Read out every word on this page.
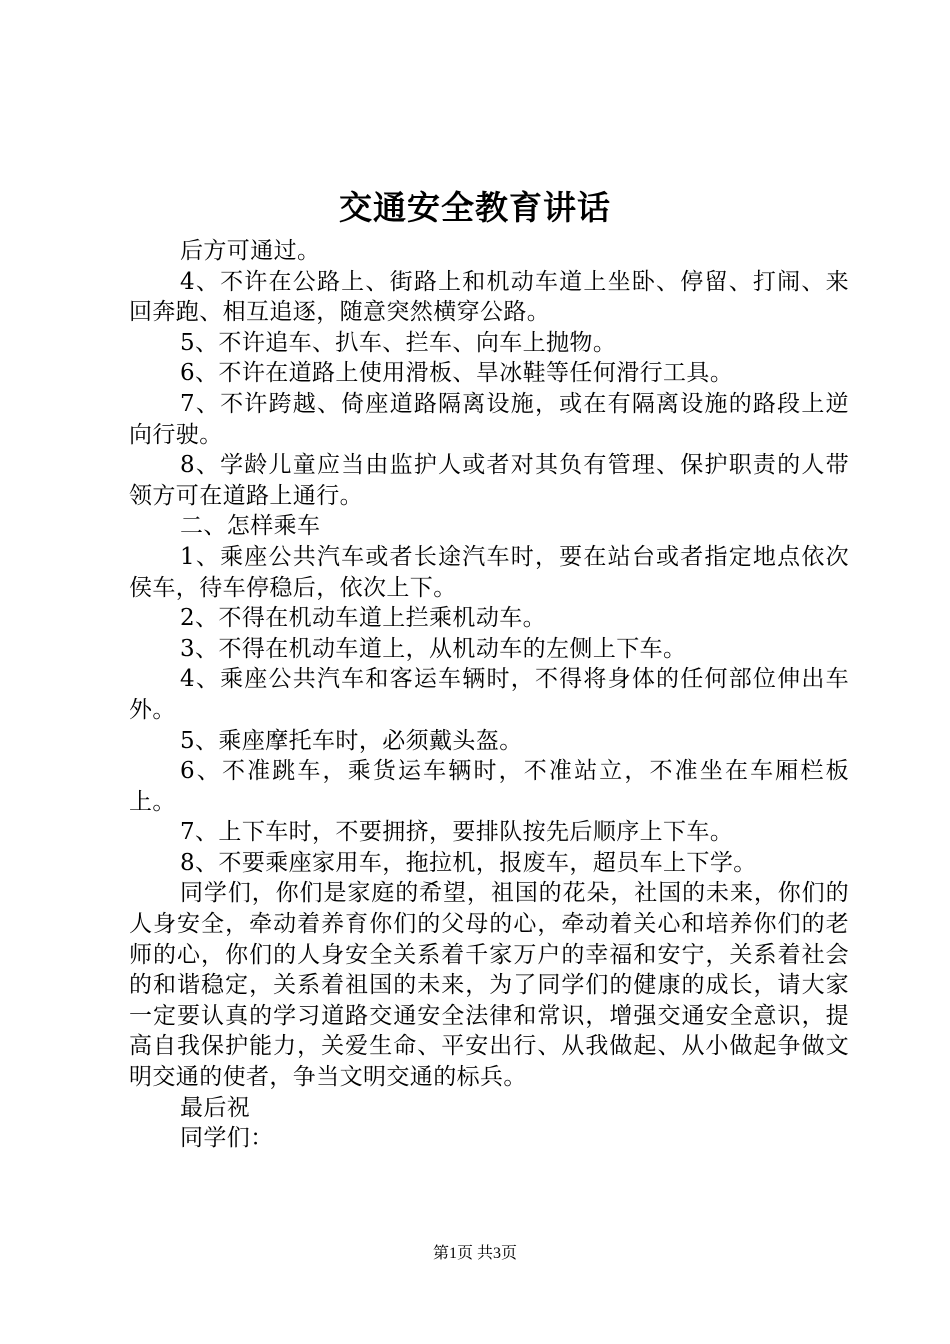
交通安全教育讲话

后方可通过。

4、不许在公路上、街路上和机动车道上坐卧、停留、打闹、来回奔跑、相互追逐，随意突然横穿公路。

5、不许追车、扒车、拦车、向车上抛物。

6、不许在道路上使用滑板、旱冰鞋等任何滑行工具。

7、不许跨越、倚座道路隔离设施，或在有隔离设施的路段上逆向行驶。

8、学龄儿童应当由监护人或者对其负有管理、保护职责的人带领方可在道路上通行。

二、怎样乘车

1、乘座公共汽车或者长途汽车时，要在站台或者指定地点依次侯车，待车停稳后，依次上下。

2、不得在机动车道上拦乘机动车。

3、不得在机动车道上，从机动车的左侧上下车。

4、乘座公共汽车和客运车辆时，不得将身体的任何部位伸出车外。

5、乘座摩托车时，必须戴头盔。

6、不准跳车，乘货运车辆时，不准站立，不准坐在车厢栏板上。

7、上下车时，不要拥挤，要排队按先后顺序上下车。

8、不要乘座家用车，拖拉机，报废车，超员车上下学。

同学们，你们是家庭的希望，祖国的花朵，社国的未来，你们的人身安全，牵动着养育你们的父母的心，牵动着关心和培养你们的老师的心，你们的人身安全关系着千家万户的幸福和安宁，关系着社会的和谐稳定，关系着祖国的未来，为了同学们的健康的成长，请大家一定要认真的学习道路交通安全法律和常识，增强交通安全意识，提高自我保护能力，关爱生命、平安出行、从我做起、从小做起争做文明交通的使者，争当文明交通的标兵。

最后祝

同学们：

第1页 共3页
